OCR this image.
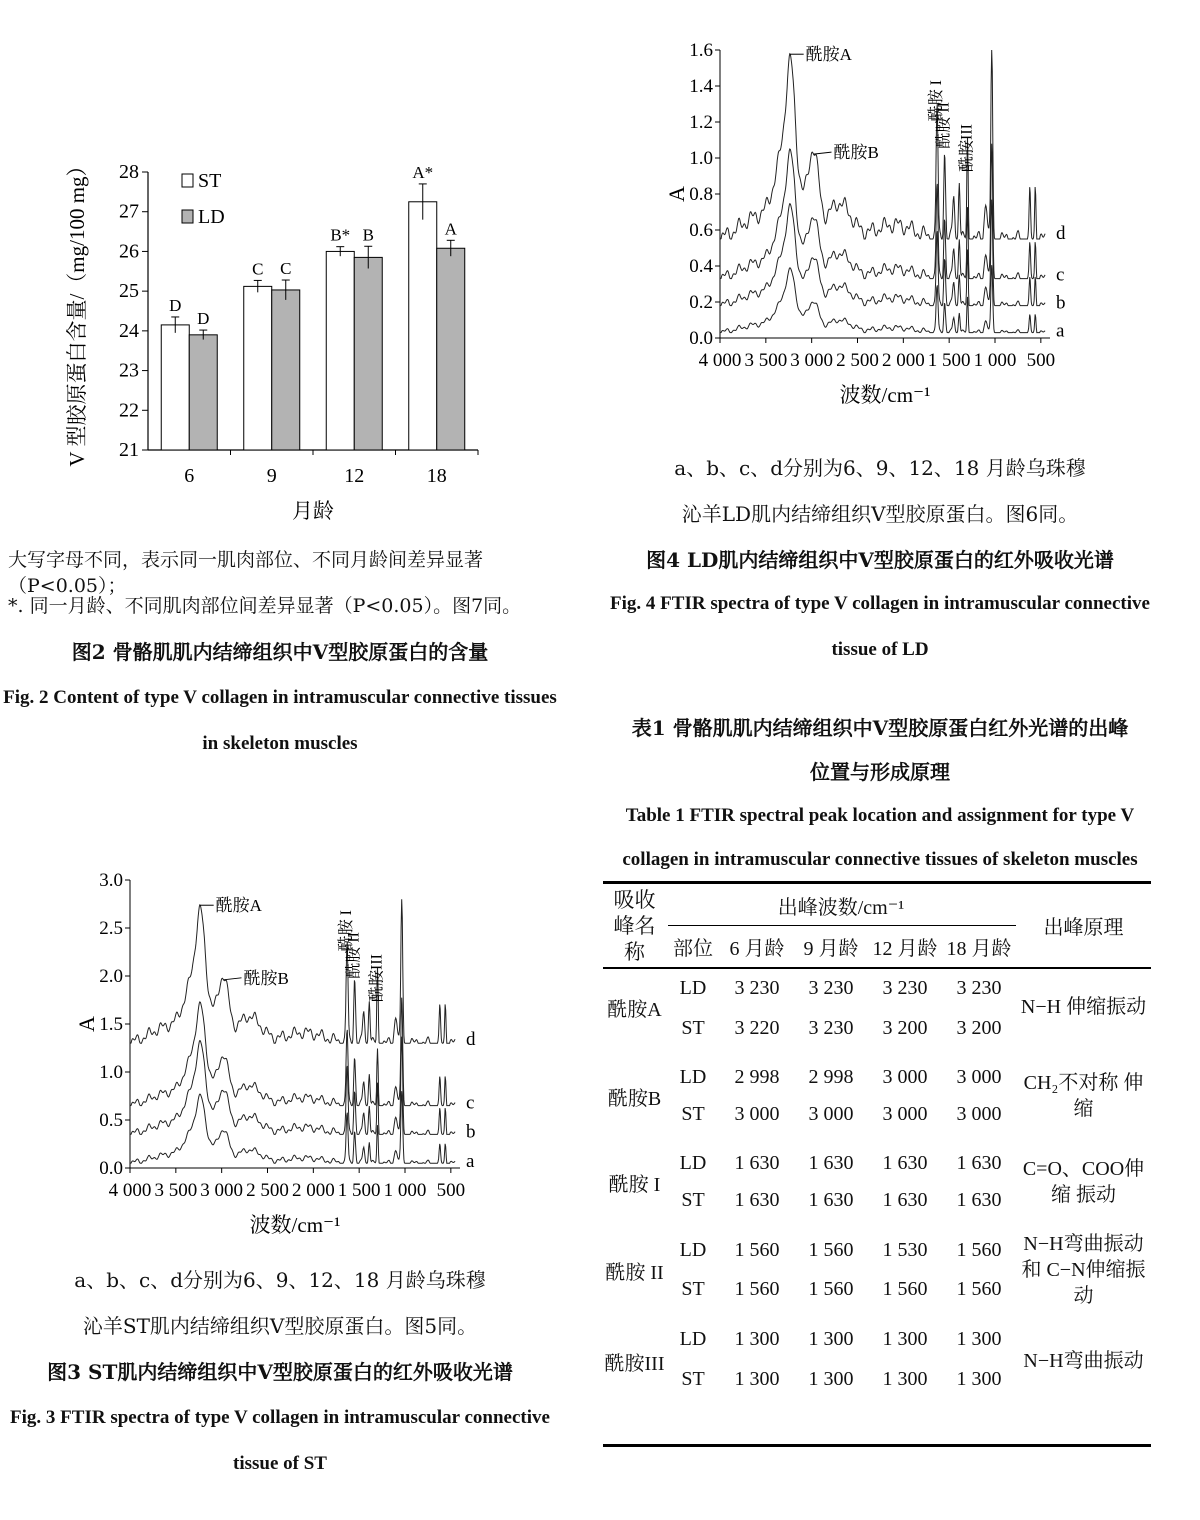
21
22
23
24
25
26
27
28
6
D
D
9
C C
12
B* B
18
A*
A
ST
LD
月龄
V 型胶原蛋白含量/（mg/100 mg）
大写字母不同，表示同一肌肉部位、不同月龄间差异显著（P<0.05）；
*. 同一月龄、不同肌肉部位间差异显著（P<0.05）。图7同。
图2 骨骼肌肌内结缔组织中Ⅴ型胶原蛋白的含量
Fig. 2 Content of type V collagen in intramuscular connective tissues
in skeleton muscles
0.0
0.5
1.0
1.5
2.0
2.5
3.0
4 000 3 500 3 000 2 500 2 000 1 500 1 000 500
波数/cm⁻¹
A
a
b
c
d
酰胺A
酰胺B
酰胺 I
酰胺 II 酰胺III
a、b、c、d分别为6、9、12、18 月龄乌珠穆
沁羊ST肌内结缔组织Ⅴ型胶原蛋白。图5同。
图3 ST肌内结缔组织中Ⅴ型胶原蛋白的红外吸收光谱
Fig. 3 FTIR spectra of type V collagen in intramuscular connective
tissue of ST
0.0
0.2
0.4
0.6
0.8
1.0
1.2
1.4
1.6
4 000 3 500 3 000 2 500 2 000 1 500 1 000 500
波数/cm⁻¹
A
a
b
c
d
酰胺A
酰胺B
酰胺 I
酰胺 II 酰胺III
a、b、c、d分别为6、9、12、18 月龄乌珠穆
沁羊LD肌内结缔组织Ⅴ型胶原蛋白。图6同。
图4 LD肌内结缔组织中Ⅴ型胶原蛋白的红外吸收光谱
Fig. 4 FTIR spectra of type V collagen in intramuscular connective
tissue of LD
表1 骨骼肌肌内结缔组织中Ⅴ型胶原蛋白红外光谱的出峰
位置与形成原理
Table 1 FTIR spectral peak location and assignment for type V
collagen in intramuscular connective tissues of skeleton muscles
吸收峰名称	出峰波数/cm⁻¹					出峰原理
	部位	6 月龄	9 月龄	12 月龄	18 月龄	
酰胺A	LD	3 230	3 230	3 230	3 230	N−H 伸缩振动
	ST	3 220	3 230	3 200	3 200	
酰胺B	LD	2 998	2 998	3 000	3 000	CH₂不对称 伸缩
	ST	3 000	3 000	3 000	3 000	
酰胺 I	LD	1 630	1 630	1 630	1 630	C=O、COO伸缩 振动
	ST	1 630	1 630	1 630	1 630	
酰胺 II	LD	1 560	1 560	1 530	1 560	N−H弯曲振动和 C−N伸缩振动
	ST	1 560	1 560	1 560	1 560	
酰胺III	LD	1 300	1 300	1 300	1 300	N−H弯曲振动
	ST	1 300	1 300	1 300	1 300	
